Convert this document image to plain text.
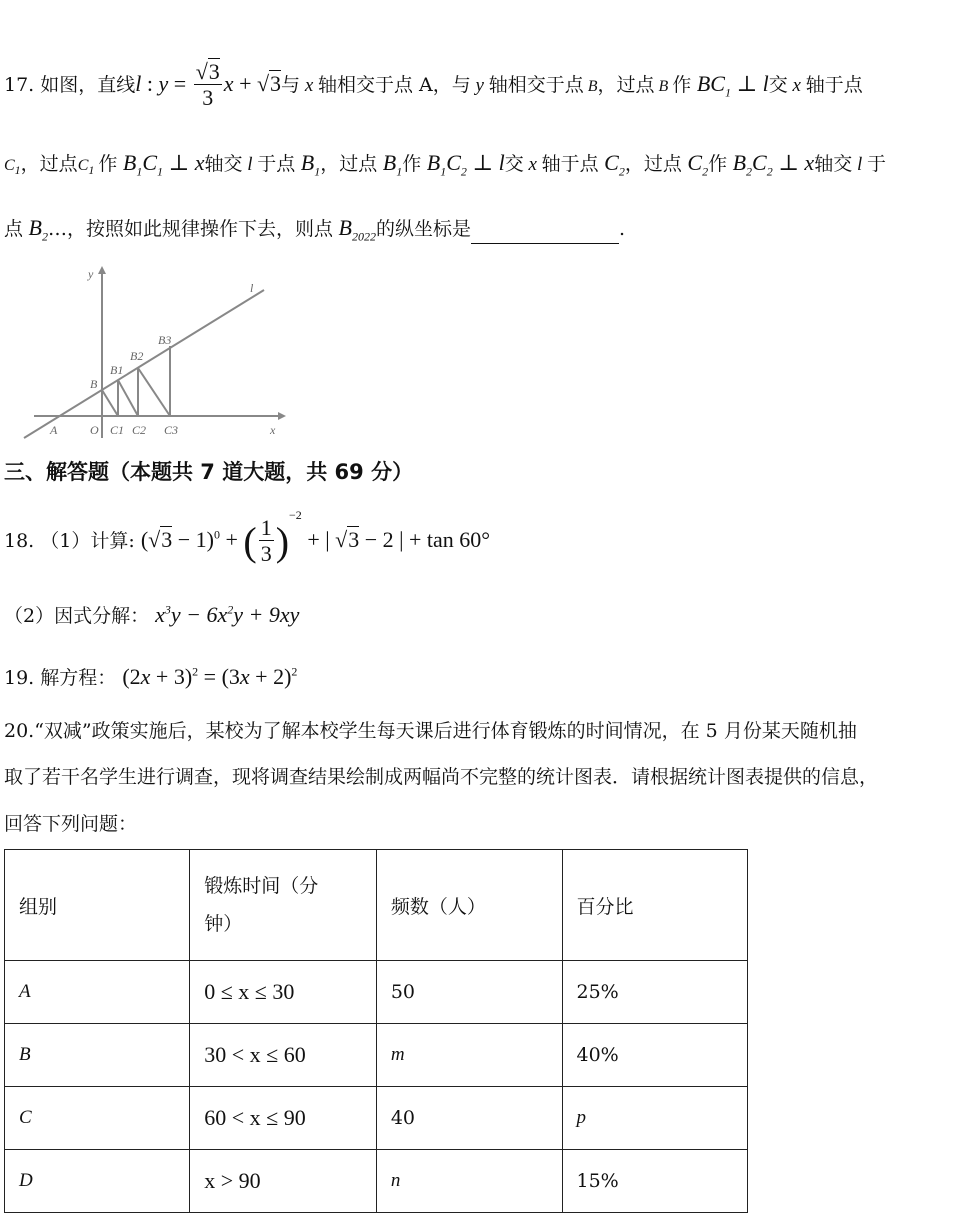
17. 如图，直线l : $y = \frac{√3}{3}$ x + √3与 x 轴相交于点 A，与 y 轴相交于点 B，过点 B 作 $BC_1$ ⊥ l交 x 轴于点
$C_1$，过点$C_1$ 作 $B_1C_1$ ⊥ x轴交 l 于点 $B_1$，过点 $B_1$作 $B_1C_2$ ⊥ l交 x 轴于点 $C_2$，过点 $C_2$作 $B_2C_2$ ⊥ x轴交 l 于
点 $B_2\dots$，按照如此规律操作下去，则点 $B_{2022}$的纵坐标是	.
y
x
l
A	O
B
B1
B2
B3
C1 C2 C3
三、解答题（本题共 7 道大题，共 69 分）
18. （1）计算: $(√3 - 1)^0$ + ( $\frac{1}{3} )^{-2}$ + | √3 − 2 | + tan 60°
（2）因式分解： $x^3y - 6x^2y + 9xy$
19. 解方程： $(2x + 3)^2 = (3x + 2)^2$
20.“双减”政策实施后，某校为了解本校学生每天课后进行体育锻炼的时间情况，在 5 月份某天随机抽
取了若干名学生进行调查，现将调查结果绘制成两幅尚不完整的统计图表．请根据统计图表提供的信息，
回答下列问题：
组别	锻炼时间（分钟）	频数（人）	百分比
A	0 ≤ x ≤ 30	50	25%
B	30 < x ≤ 60	m	40%
C	60 < x ≤ 90	40	p
D	x > 90	n	15%
